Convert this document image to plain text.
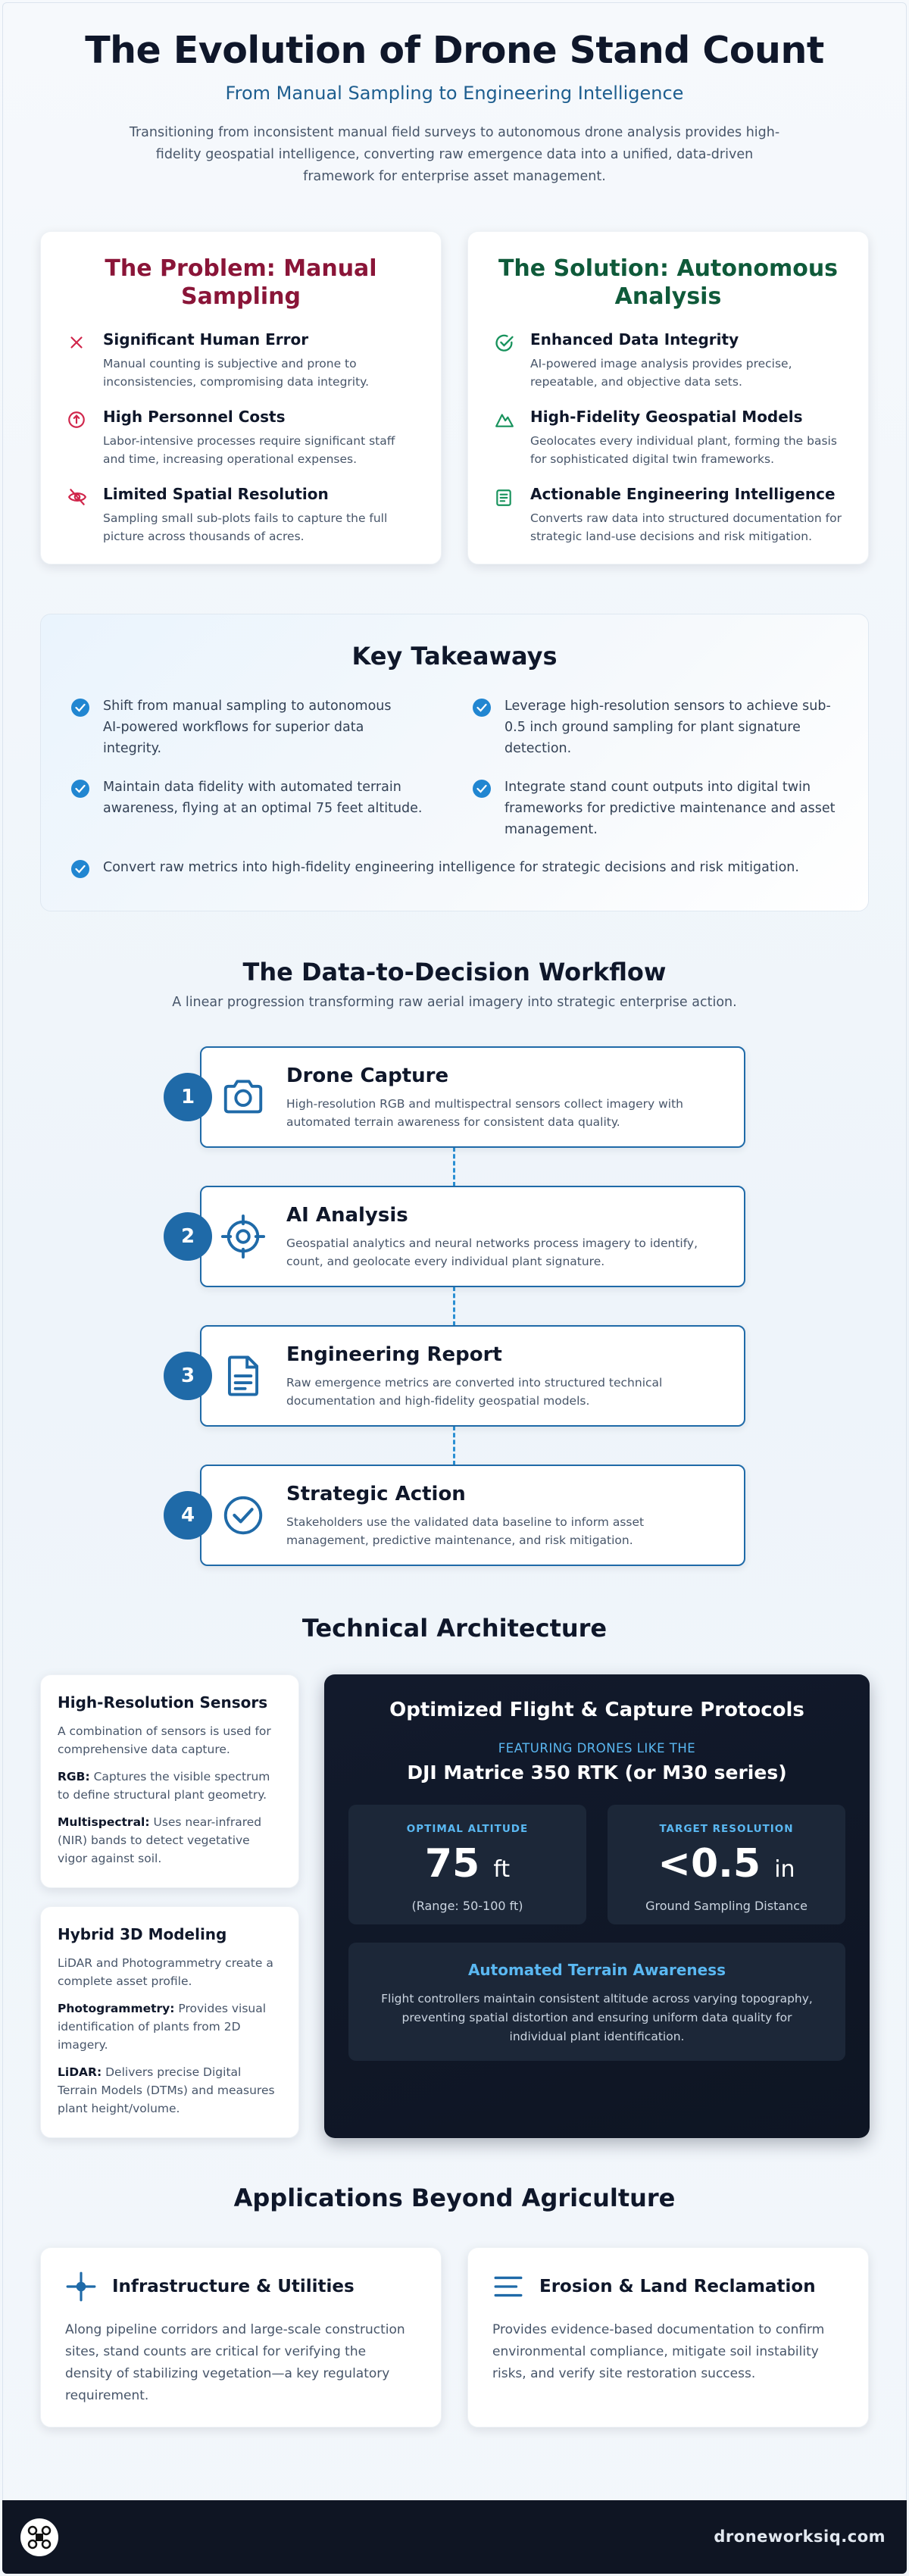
The Evolution of Drone Stand Count
From Manual Sampling to Engineering Intelligence

Transitioning from inconsistent manual field surveys to autonomous drone analysis provides high-fidelity geospatial intelligence, converting raw emergence data into a unified, data-driven framework for enterprise asset management.

The Problem: Manual Sampling
Significant Human Error

Manual counting is subjective and prone to inconsistencies, compromising data integrity.

High Personnel Costs

Labor-intensive processes require significant staff and time, increasing operational expenses.

Limited Spatial Resolution

Sampling small sub-plots fails to capture the full picture across thousands of acres.

The Solution: Autonomous Analysis
Enhanced Data Integrity

AI-powered image analysis provides precise, repeatable, and objective data sets.

High-Fidelity Geospatial Models

Geolocates every individual plant, forming the basis for sophisticated digital twin frameworks.

Actionable Engineering Intelligence

Converts raw data into structured documentation for strategic land-use decisions and risk mitigation.

Key Takeaways
Shift from manual sampling to autonomous AI-powered workflows for superior data integrity.
Leverage high-resolution sensors to achieve sub-0.5 inch ground sampling for plant signature detection.
Maintain data fidelity with automated terrain awareness, flying at an optimal 75 feet altitude.
Integrate stand count outputs into digital twin frameworks for predictive maintenance and asset management.
Convert raw metrics into high-fidelity engineering intelligence for strategic decisions and risk mitigation.
The Data-to-Decision Workflow
A linear progression transforming raw aerial imagery into strategic enterprise action.
Drone Capture

High-resolution RGB and multispectral sensors collect imagery with automated terrain awareness for consistent data quality.

1
AI Analysis

Geospatial analytics and neural networks process imagery to identify, count, and geolocate every individual plant signature.

2
Engineering Report

Raw emergence metrics are converted into structured technical documentation and high-fidelity geospatial models.

3
Strategic Action

Stakeholders use the validated data baseline to inform asset management, predictive maintenance, and risk mitigation.

4
Technical Architecture
High-Resolution Sensors

A combination of sensors is used for comprehensive data capture.

RGB: Captures the visible spectrum to define structural plant geometry.

Multispectral: Uses near-infrared (NIR) bands to detect vegetative vigor against soil.

Hybrid 3D Modeling

LiDAR and Photogrammetry create a complete asset profile.

Photogrammetry: Provides visual identification of plants from 2D imagery.

LiDAR: Delivers precise Digital Terrain Models (DTMs) and measures plant height/volume.

Optimized Flight & Capture Protocols
FEATURING DRONES LIKE THE
DJI Matrice 350 RTK (or M30 series)
OPTIMAL ALTITUDE
75 ft
(Range: 50-100 ft)
TARGET RESOLUTION
<0.5 in
Ground Sampling Distance
Automated Terrain Awareness

Flight controllers maintain consistent altitude across varying topography, preventing spatial distortion and ensuring uniform data quality for individual plant identification.

Applications Beyond Agriculture
Infrastructure & Utilities

Along pipeline corridors and large-scale construction sites, stand counts are critical for verifying the density of stabilizing vegetation—a key regulatory requirement.

Erosion & Land Reclamation

Provides evidence-based documentation to confirm environmental compliance, mitigate soil instability risks, and verify site restoration success.

droneworksiq.com
